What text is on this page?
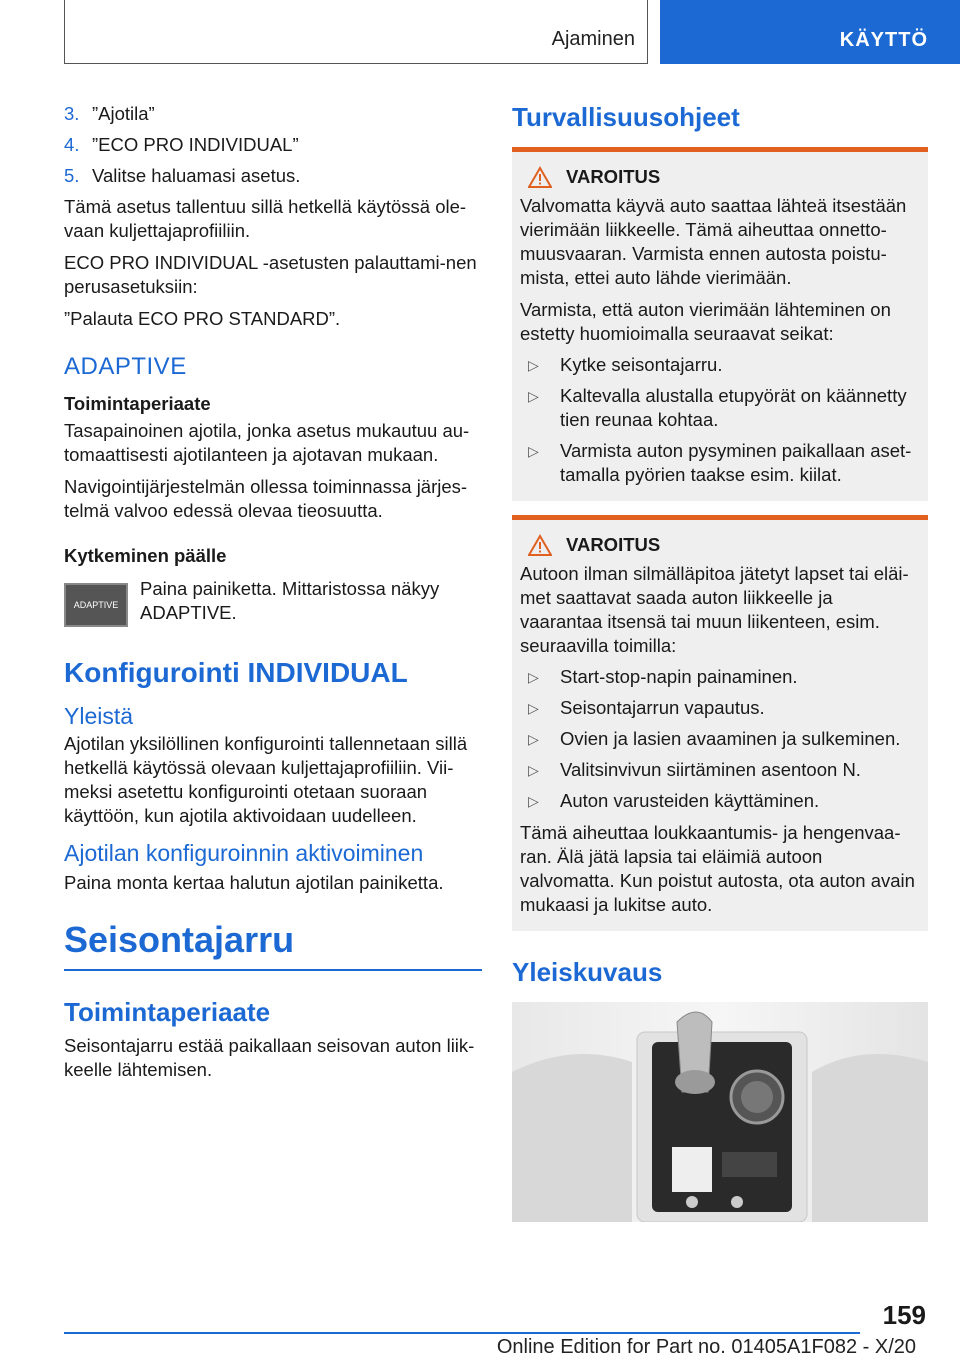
Ajaminen	KÄYTTÖ
3. ”Ajotila”
4. ”ECO PRO INDIVIDUAL”
5. Valitse haluamasi asetus.

Tämä asetus tallentuu sillä hetkellä käytössä ole-vaan kuljettajaprofiiliin.

ECO PRO INDIVIDUAL -asetusten palauttami-nen perusasetuksiin:

”Palauta ECO PRO STANDARD”.

ADAPTIVE
Toimintaperiaate

Tasapainoinen ajotila, jonka asetus mukautuu au-tomaattisesti ajotilanteen ja ajotavan mukaan.

Navigointijärjestelmän ollessa toiminnassa järjes-telmä valvoo edessä olevaa tieosuutta.

Kytkeminen päälle
ADAPTIVE

Paina painiketta. Mittaristossa näkyy ADAPTIVE.

Konfigurointi INDIVIDUAL
Yleistä

Ajotilan yksilöllinen konfigurointi tallennetaan sillä hetkellä käytössä olevaan kuljettajaprofiiliin. Vii-meksi asetettu konfigurointi otetaan suoraan käyttöön, kun ajotila aktivoidaan uudelleen.

Ajotilan konfiguroinnin aktivoiminen

Paina monta kertaa halutun ajotilan painiketta.

Seisontajarru
Toimintaperiaate

Seisontajarru estää paikallaan seisovan auton liik-keelle lähtemisen.

Turvallisuusohjeet
VAROITUS

Valvomatta käyvä auto saattaa lähteä itsestään vierimään liikkeelle. Tämä aiheuttaa onnetto-muusvaaran. Varmista ennen autosta poistu-mista, ettei auto lähde vierimään.

Varmista, että auton vierimään lähteminen on estetty huomioimalla seuraavat seikat:

▷	Kytke seisontajarru.
▷	Kaltevalla alustalla etupyörät on käännetty tien reunaa kohtaa.
▷	Varmista auton pysyminen paikallaan aset-tamalla pyörien taakse esim. kiilat.
VAROITUS

Autoon ilman silmälläpitoa jätetyt lapset tai eläi-met saattavat saada auton liikkeelle ja vaarantaa itsensä tai muun liikenteen, esim. seuraavilla toimilla:

▷	Start-stop-napin painaminen.
▷	Seisontajarrun vapautus.
▷	Ovien ja lasien avaaminen ja sulkeminen.
▷	Valitsinvivun siirtäminen asentoon N.
▷	Auton varusteiden käyttäminen.

Tämä aiheuttaa loukkaantumis- ja hengenvaa-ran. Älä jätä lapsia tai eläimiä autoon valvomatta. Kun poistut autosta, ota auton avain mukaasi ja lukitse auto.

Yleiskuvaus
159
Online Edition for Part no. 01405A1F082 - X/20
